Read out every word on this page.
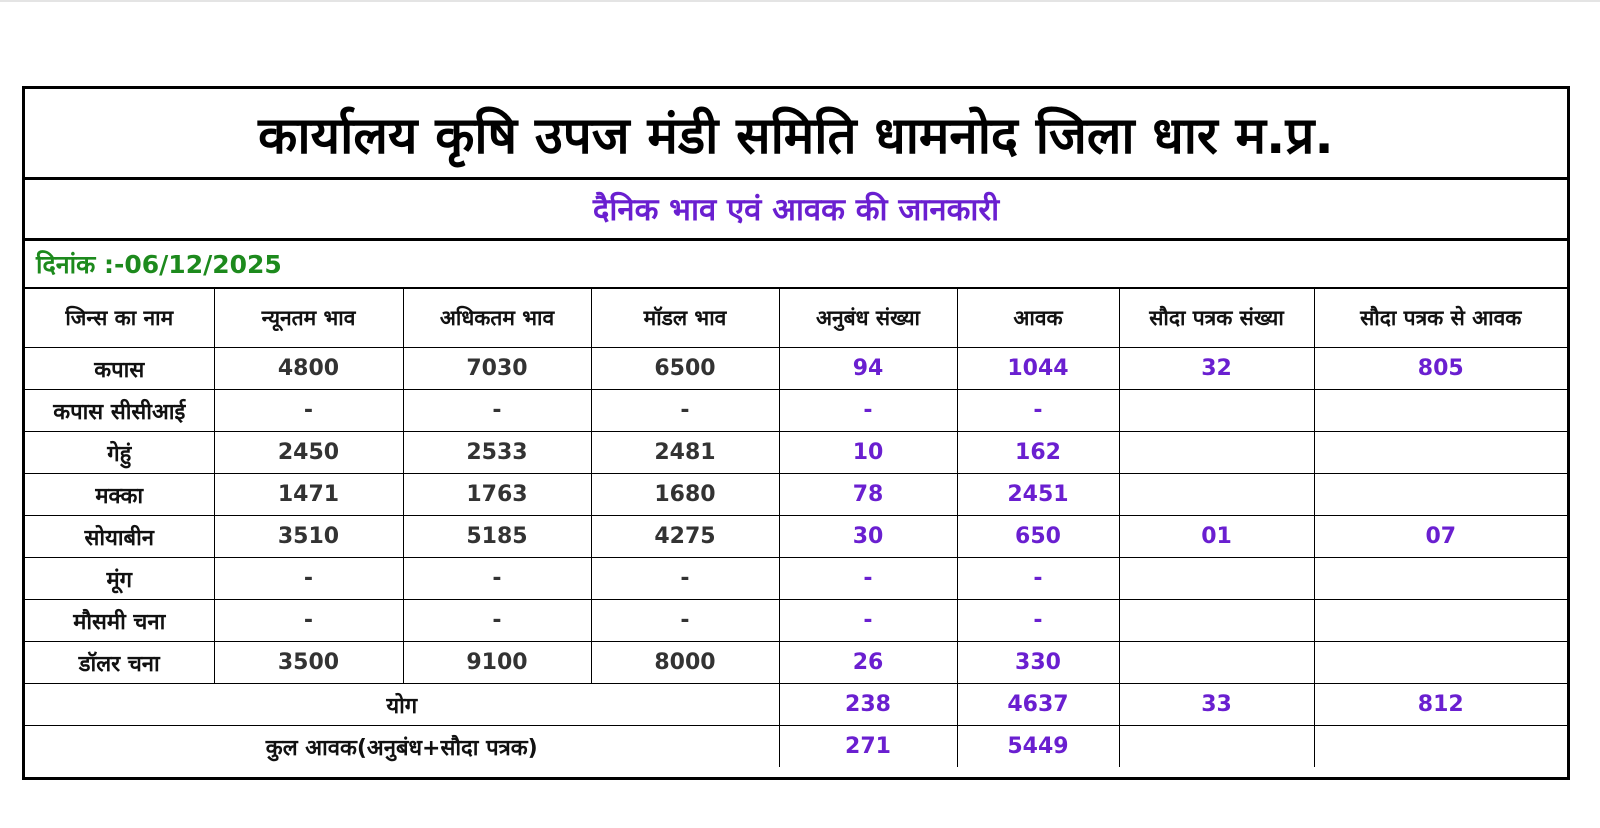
कार्यालय कृषि उपज मंडी समिति धामनोद जिला धार म.प्र.
दैनिक भाव एवं आवक की जानकारी
दिनांक :-06/12/2025
जिन्स का नाम	न्यूनतम भाव	अधिकतम भाव	मॉडल भाव	अनुबंध संख्या	आवक	सौदा पत्रक संख्या	सौदा पत्रक से आवक
कपास	4800	7030	6500	94	1044	32	805
कपास सीसीआई	-	-	-	-	-		
गेहुं	2450	2533	2481	10	162		
मक्का	1471	1763	1680	78	2451		
सोयाबीन	3510	5185	4275	30	650	01	07
मूंग	-	-	-	-	-		
मौसमी चना	-	-	-	-	-		
डॉलर चना	3500	9100	8000	26	330		
योग				238	4637	33	812
कुल आवक(अनुबंध+सौदा पत्रक)				271	5449		
